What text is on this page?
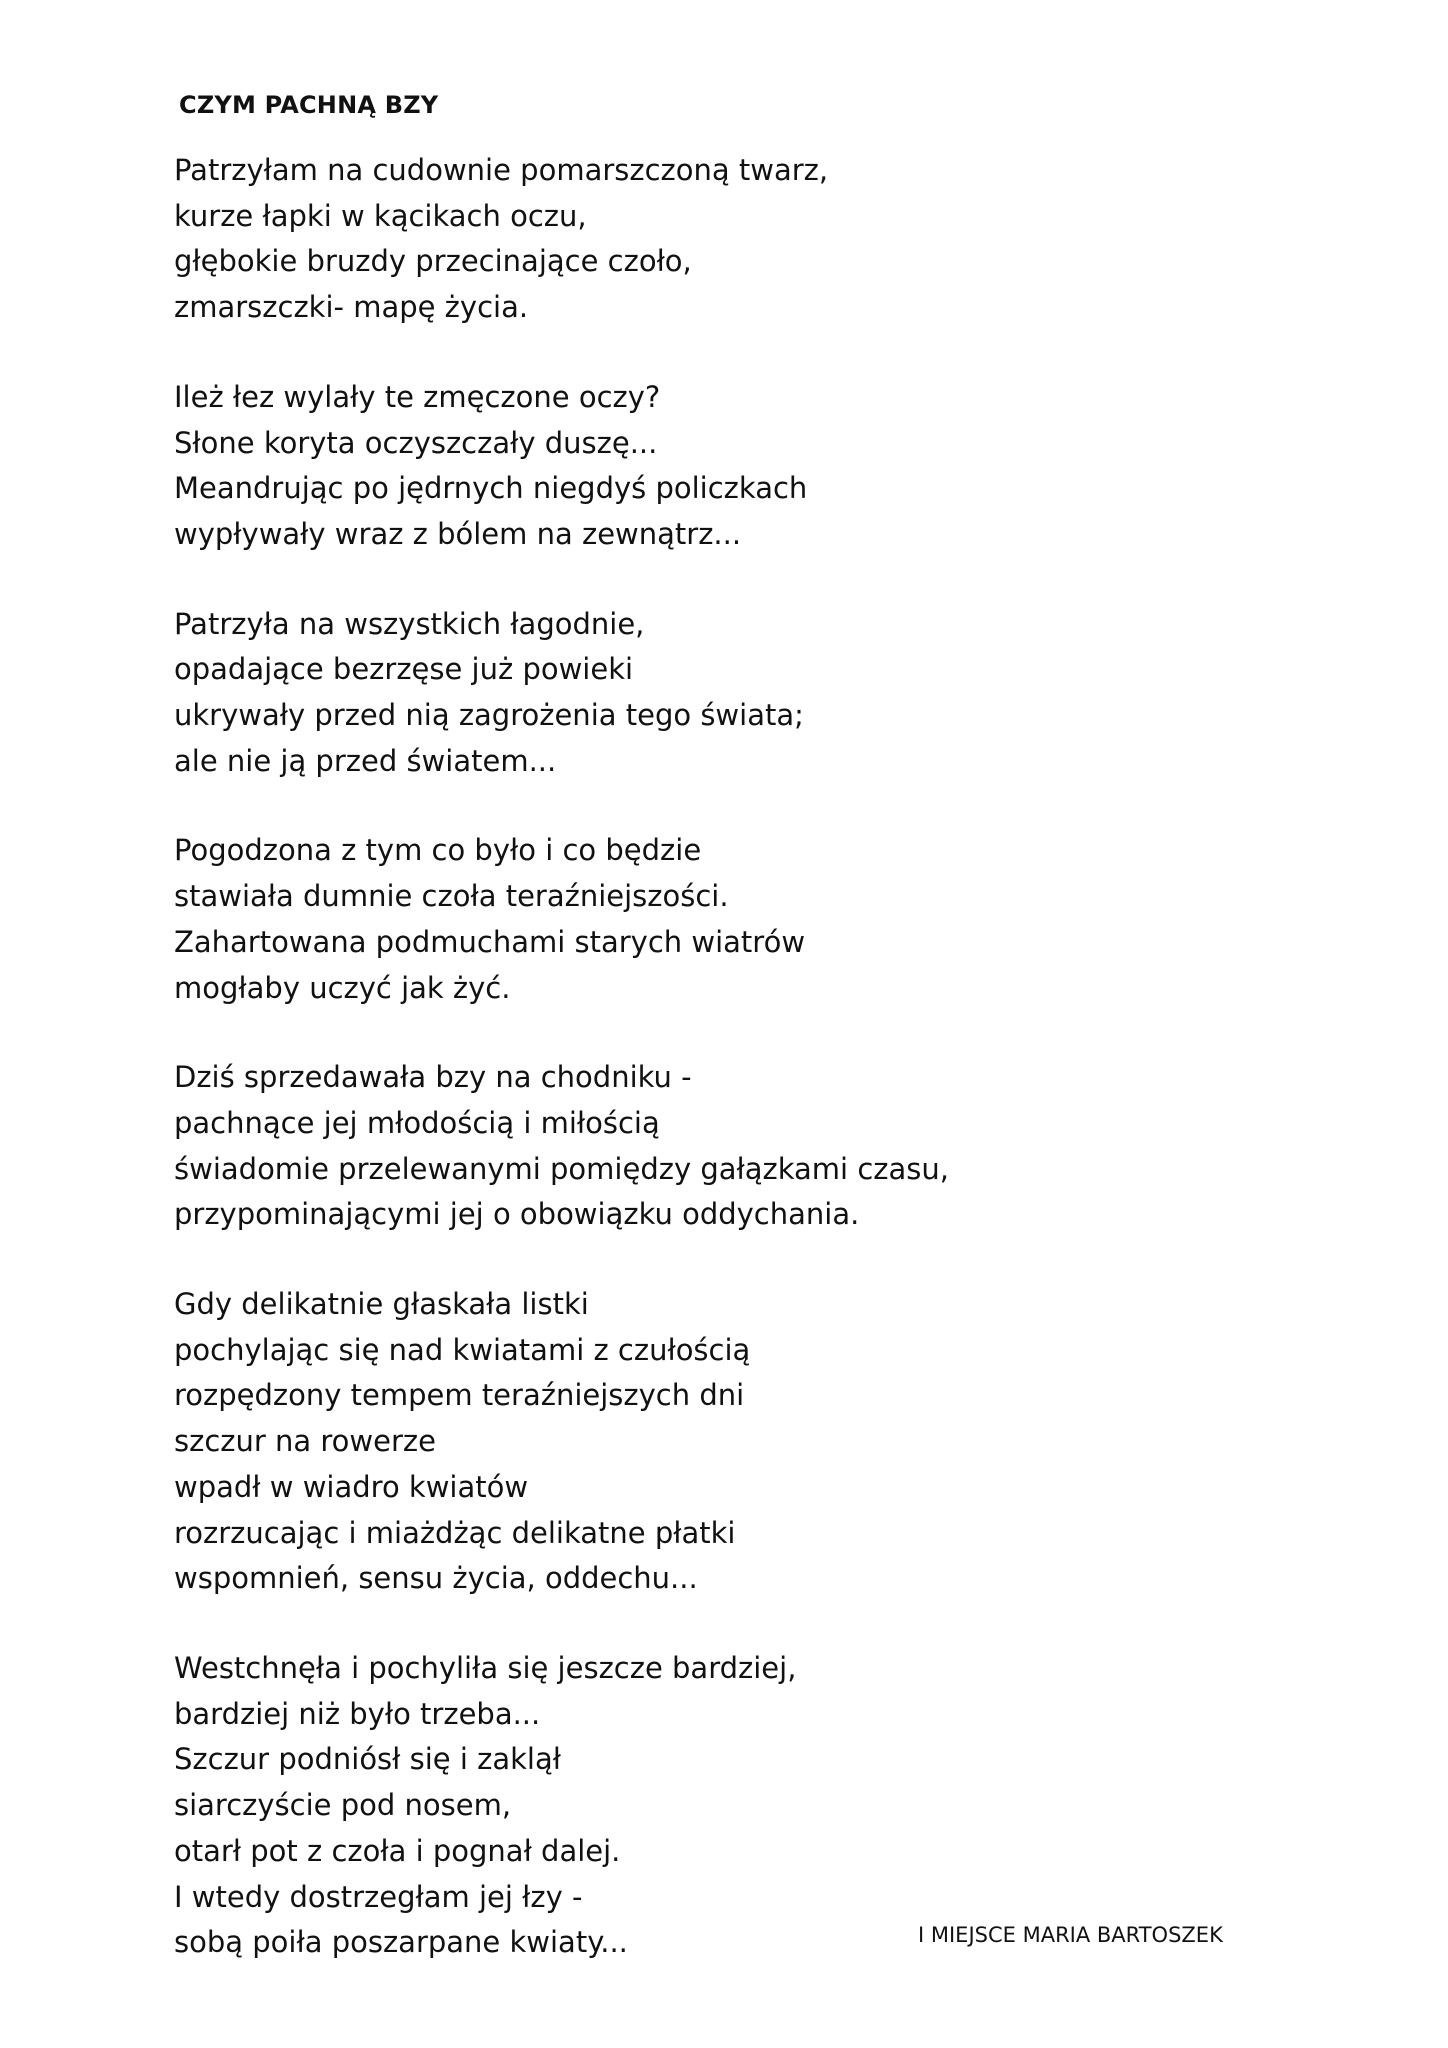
CZYM PACHNĄ BZY
Patrzyłam na cudownie pomarszczoną twarz,
kurze łapki w kącikach oczu,
głębokie bruzdy przecinające czoło,
zmarszczki- mapę życia.
Ileż łez wylały te zmęczone oczy?
Słone koryta oczyszczały duszę...
Meandrując po jędrnych niegdyś policzkach
wypływały wraz z bólem na zewnątrz...
Patrzyła na wszystkich łagodnie,
opadające bezrzęse już powieki
ukrywały przed nią zagrożenia tego świata;
ale nie ją przed światem...
Pogodzona z tym co było i co będzie
stawiała dumnie czoła teraźniejszości.
Zahartowana podmuchami starych wiatrów
mogłaby uczyć jak żyć.
Dziś sprzedawała bzy na chodniku -
pachnące jej młodością i miłością
świadomie przelewanymi pomiędzy gałązkami czasu,
przypominającymi jej o obowiązku oddychania.
Gdy delikatnie głaskała listki
pochylając się nad kwiatami z czułością
rozpędzony tempem teraźniejszych dni
szczur na rowerze
wpadł w wiadro kwiatów
rozrzucając i miażdżąc delikatne płatki
wspomnień, sensu życia, oddechu...
Westchnęła i pochyliła się jeszcze bardziej,
bardziej niż było trzeba...
Szczur podniósł się i zaklął
siarczyście pod nosem,
otarł pot z czoła i pognał dalej.
I wtedy dostrzegłam jej łzy -
sobą poiła poszarpane kwiaty...	I MIEJSCE MARIA BARTOSZEK
